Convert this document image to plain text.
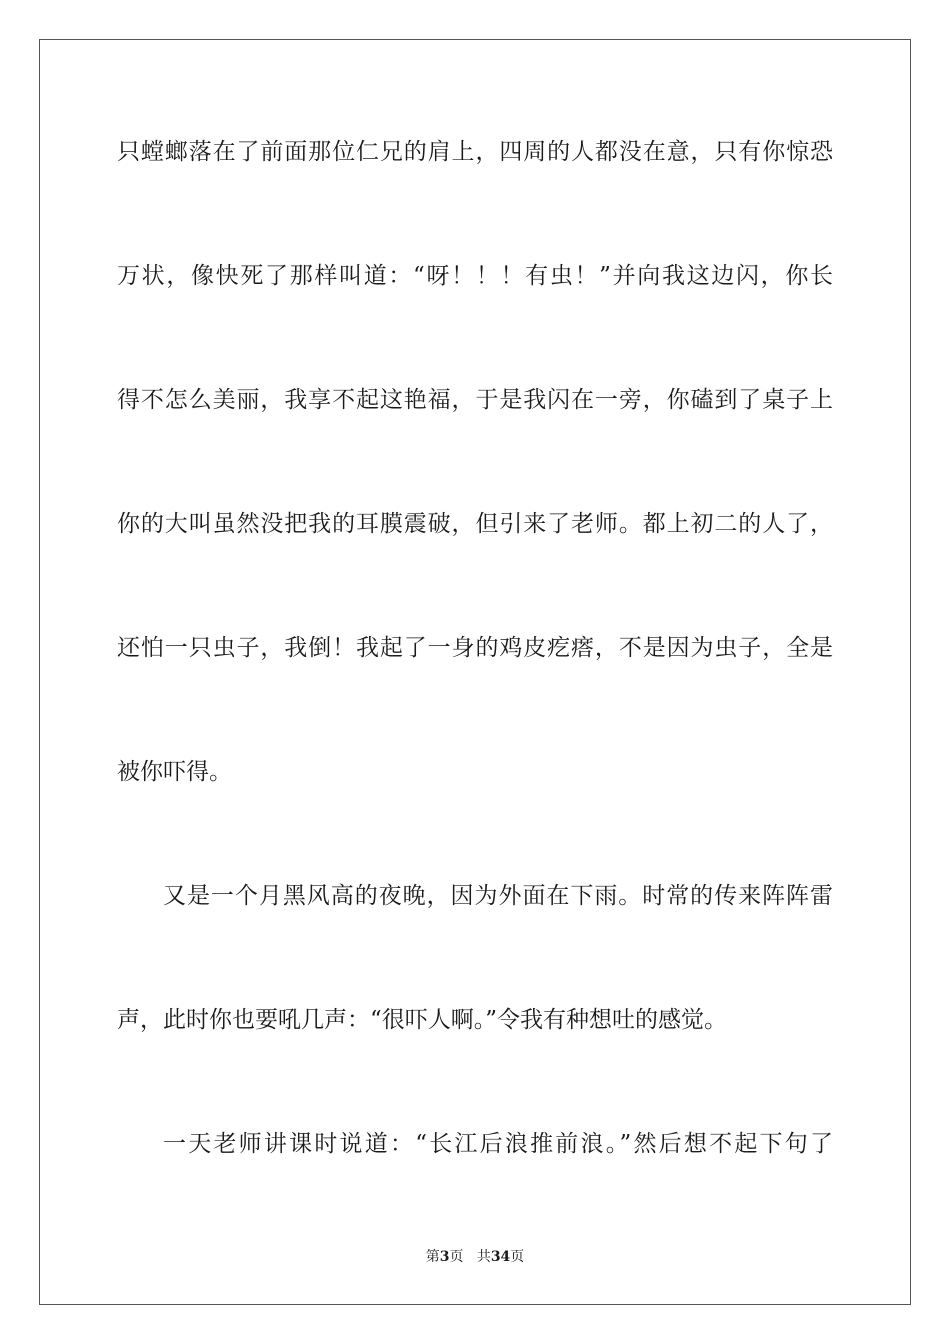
只螳螂落在了前面那位仁兄的肩上，四周的人都没在意，只有你惊恐
万状，像快死了那样叫道：“呀！！！有虫！”并向我这边闪，你长
得不怎么美丽，我享不起这艳福，于是我闪在一旁，你磕到了桌子上
你的大叫虽然没把我的耳膜震破，但引来了老师。都上初二的人了，
还怕一只虫子，我倒！我起了一身的鸡皮疙瘩，不是因为虫子，全是
被你吓得。
又是一个月黑风高的夜晚，因为外面在下雨。时常的传来阵阵雷
声，此时你也要吼几声：“很吓人啊。”令我有种想吐的感觉。
一天老师讲课时说道：“长江后浪推前浪。”然后想不起下句了
第3页 共34页
